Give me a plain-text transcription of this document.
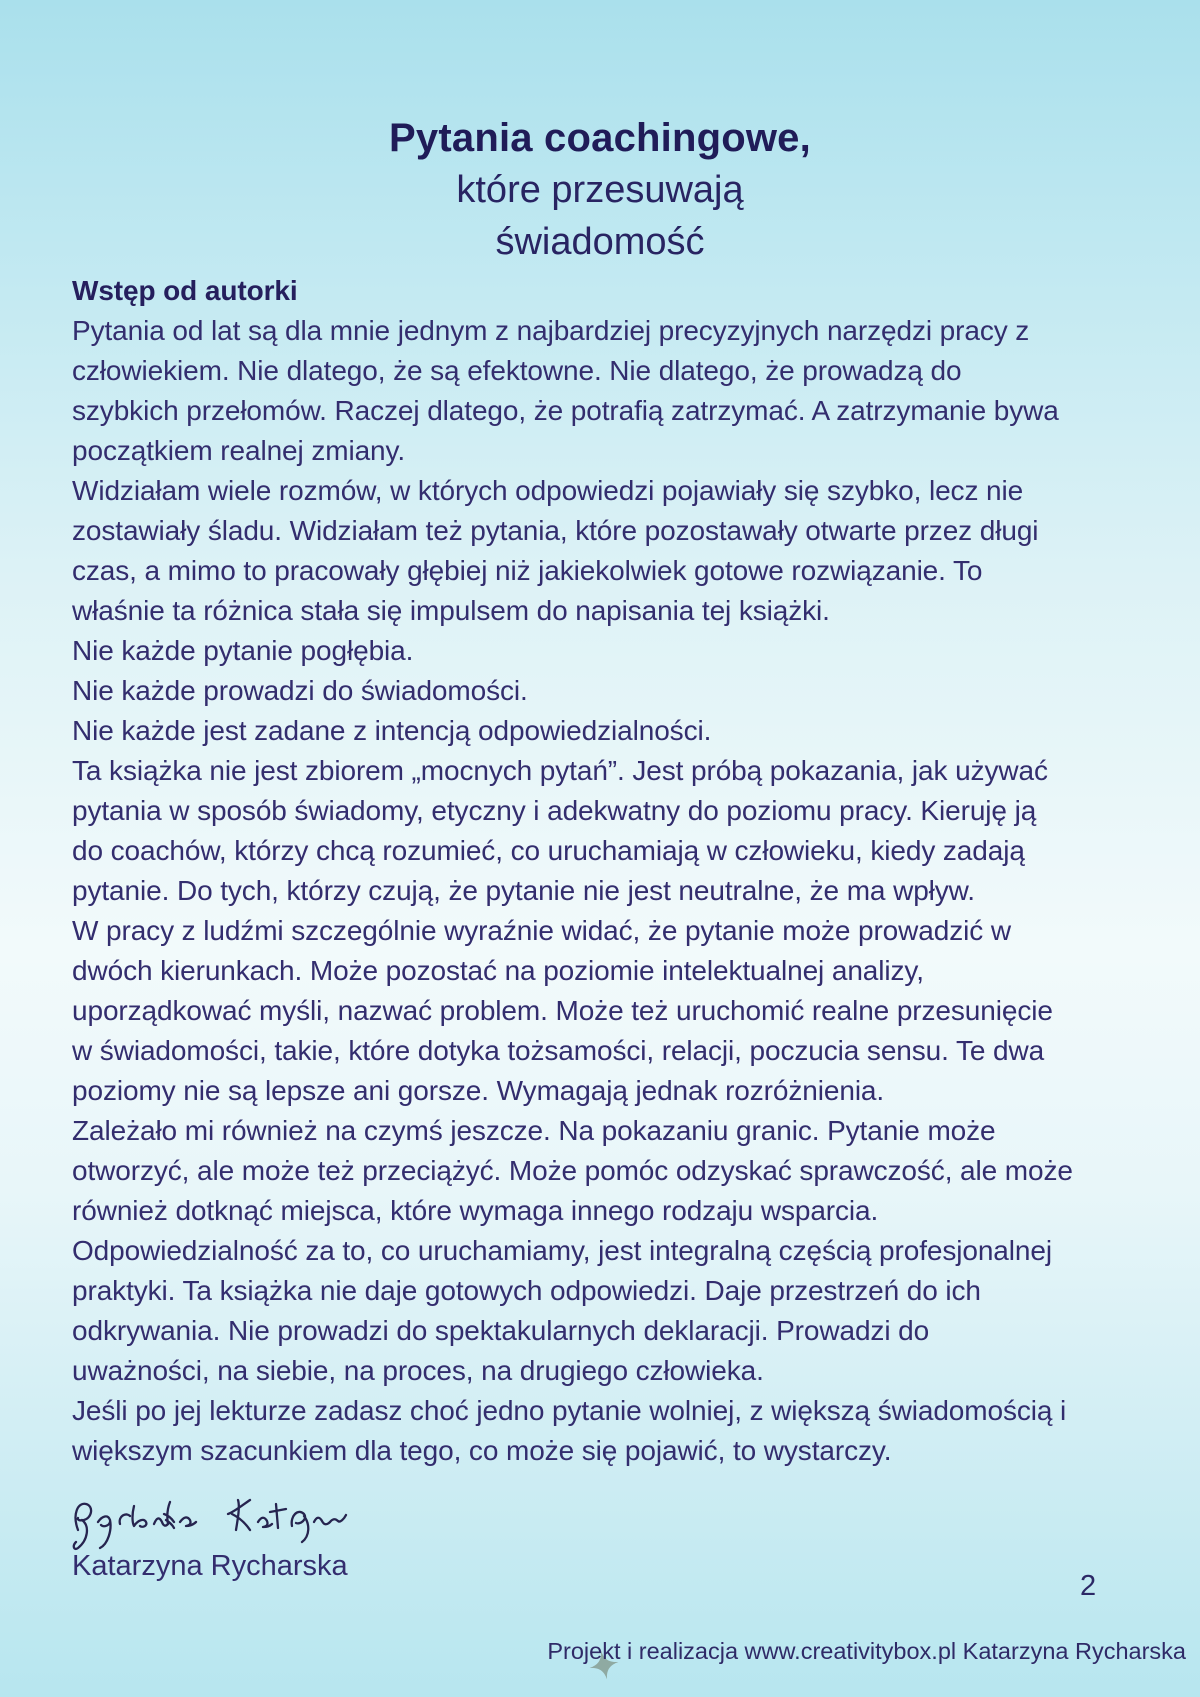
Pytania coachingowe,
które przesuwają
świadomość
Wstęp od autorki
Pytania od lat są dla mnie jednym z najbardziej precyzyjnych narzędzi pracy z
człowiekiem. Nie dlatego, że są efektowne. Nie dlatego, że prowadzą do
szybkich przełomów. Raczej dlatego, że potrafią zatrzymać. A zatrzymanie bywa
początkiem realnej zmiany.
Widziałam wiele rozmów, w których odpowiedzi pojawiały się szybko, lecz nie
zostawiały śladu. Widziałam też pytania, które pozostawały otwarte przez długi
czas, a mimo to pracowały głębiej niż jakiekolwiek gotowe rozwiązanie. To
właśnie ta różnica stała się impulsem do napisania tej książki.
Nie każde pytanie pogłębia.
Nie każde prowadzi do świadomości.
Nie każde jest zadane z intencją odpowiedzialności.
Ta książka nie jest zbiorem „mocnych pytań”. Jest próbą pokazania, jak używać
pytania w sposób świadomy, etyczny i adekwatny do poziomu pracy. Kieruję ją
do coachów, którzy chcą rozumieć, co uruchamiają w człowieku, kiedy zadają
pytanie. Do tych, którzy czują, że pytanie nie jest neutralne, że ma wpływ.
W pracy z ludźmi szczególnie wyraźnie widać, że pytanie może prowadzić w
dwóch kierunkach. Może pozostać na poziomie intelektualnej analizy,
uporządkować myśli, nazwać problem. Może też uruchomić realne przesunięcie
w świadomości, takie, które dotyka tożsamości, relacji, poczucia sensu. Te dwa
poziomy nie są lepsze ani gorsze. Wymagają jednak rozróżnienia.
Zależało mi również na czymś jeszcze. Na pokazaniu granic. Pytanie może
otworzyć, ale może też przeciążyć. Może pomóc odzyskać sprawczość, ale może
również dotknąć miejsca, które wymaga innego rodzaju wsparcia.
Odpowiedzialność za to, co uruchamiamy, jest integralną częścią profesjonalnej
praktyki. Ta książka nie daje gotowych odpowiedzi. Daje przestrzeń do ich
odkrywania. Nie prowadzi do spektakularnych deklaracji. Prowadzi do
uważności, na siebie, na proces, na drugiego człowieka.
Jeśli po jej lekturze zadasz choć jedno pytanie wolniej, z większą świadomością i
większym szacunkiem dla tego, co może się pojawić, to wystarczy.
Katarzyna Rycharska
2
Projekt i realizacja www.creativitybox.pl Katarzyna Rycharska
